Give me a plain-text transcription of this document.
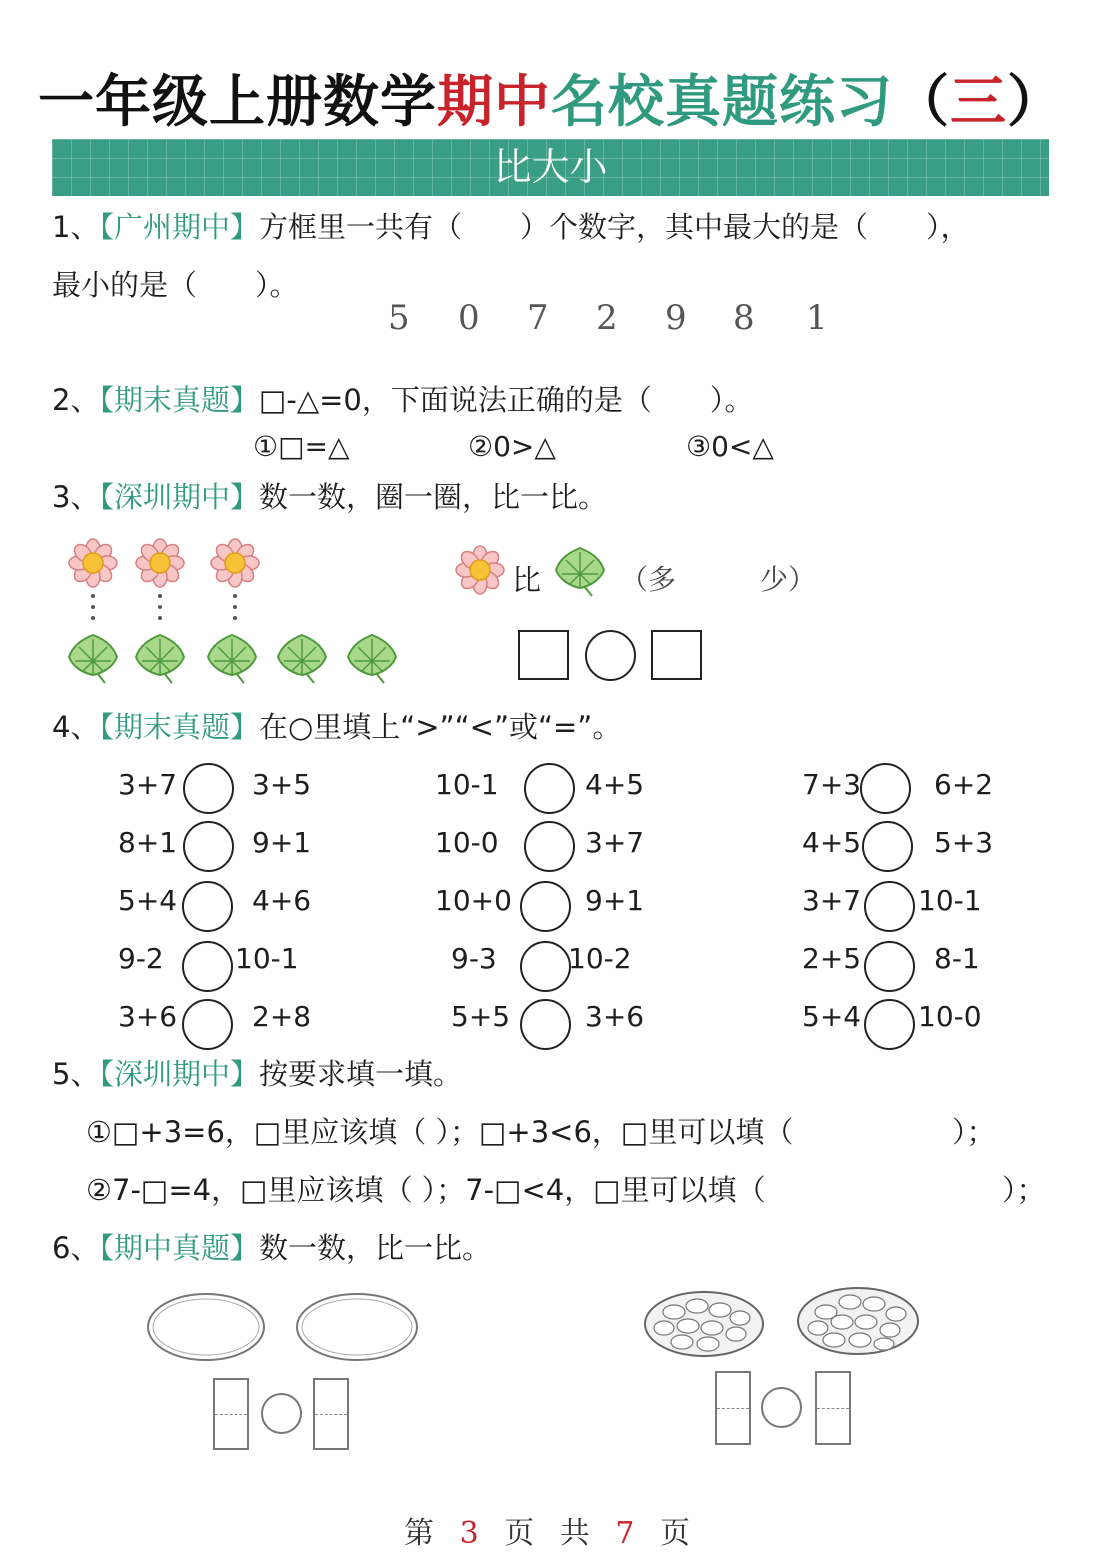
一年级上册数学期中名校真题练习（三）
比大小
1、【广州期中】方框里一共有（　　）个数字，其中最大的是（　　），
最小的是（　　）。
5 0 7 2 9 8 1
2、【期末真题】□-△=0，下面说法正确的是（　　）。
①□=△	②0>△	③0<△
3、【深圳期中】数一数，圈一圈，比一比。
比	（多　　　少）
4、【期末真题】在○里填上“>”“<”或“=”。
3+7	3+5	10-1	4+5	7+3	6+2
8+1	9+1	10-0	3+7	4+5	5+3
5+4	4+6	10+0	9+1	3+7 10-1
9-2	10-1	9-3	10-2	2+5	8-1
3+6	2+8	5+5	3+6	5+4 10-0
5、【深圳期中】按要求填一填。
①□+3=6，□里应该填（ ）；□+3<6，□里可以填（	）；
②7-□=4，□里应该填（ ）；7-□<4，□里可以填（	）；
6、【期中真题】数一数，比一比。
第 3 页 共 7 页
